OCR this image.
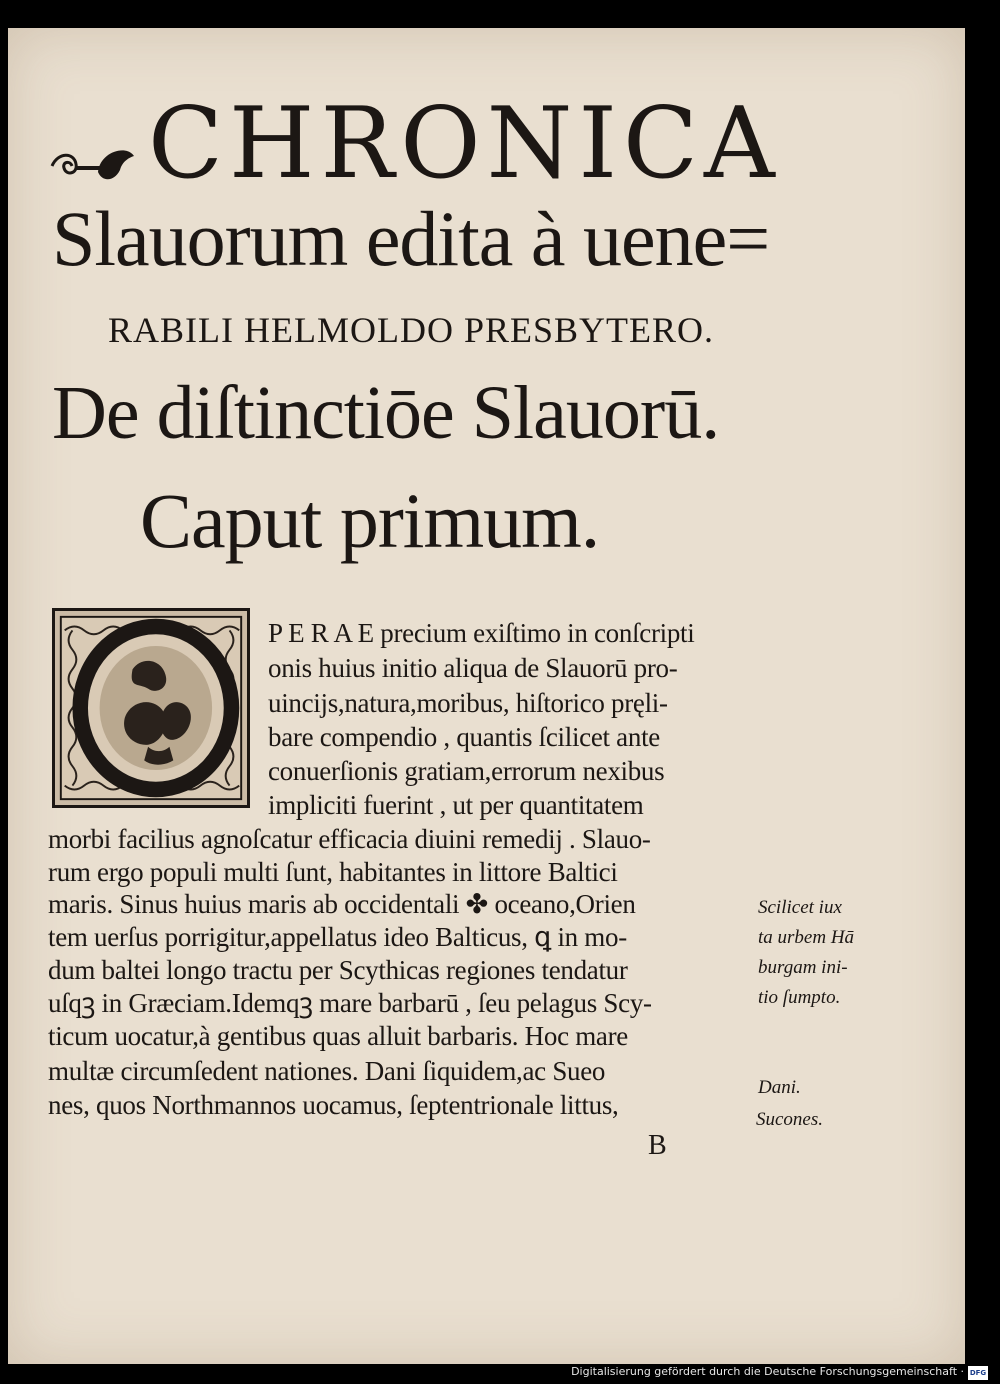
CHRONICA
Slauorum edita à uene=
RABILI HELMOLDO PRESBYTERO.
De diſtinctiōe Slauorū.
Caput primum.
P E R A E precium exiſtimo in conſcripti
onis huius initio aliqua de Slauorū pro-
uincijs,natura,moribus, hiſtorico pręli-
bare compendio , quantis ſcilicet ante
conuerſionis gratiam,errorum nexibus
impliciti fuerint , ut per quantitatem
morbi facilius agnoſcatur efficacia diuini remedij . Slauo-
rum ergo populi multi ſunt, habitantes in littore Baltici
maris. Sinus huius maris ab occidentali ✤ oceano,Orien
tem uerſus porrigitur,appellatus ideo Balticus, ꝗ in mo-
dum baltei longo tractu per Scythicas regiones tendatur
uſqꝫ in Græciam.Idemqꝫ mare barbarū , ſeu pelagus Scy-
ticum uocatur,à gentibus quas alluit barbaris. Hoc mare
multæ circumſedent nationes. Dani ſiquidem,ac Sueo
nes, quos Northmannos uocamus, ſeptentrionale littus,
Scilicet iux
ta urbem Hā
burgam ini-
tio ſumpto.
Dani.
Sucones.
B
Digitalisierung gefördert durch die Deutsche Forschungsgemeinschaft · DFG
